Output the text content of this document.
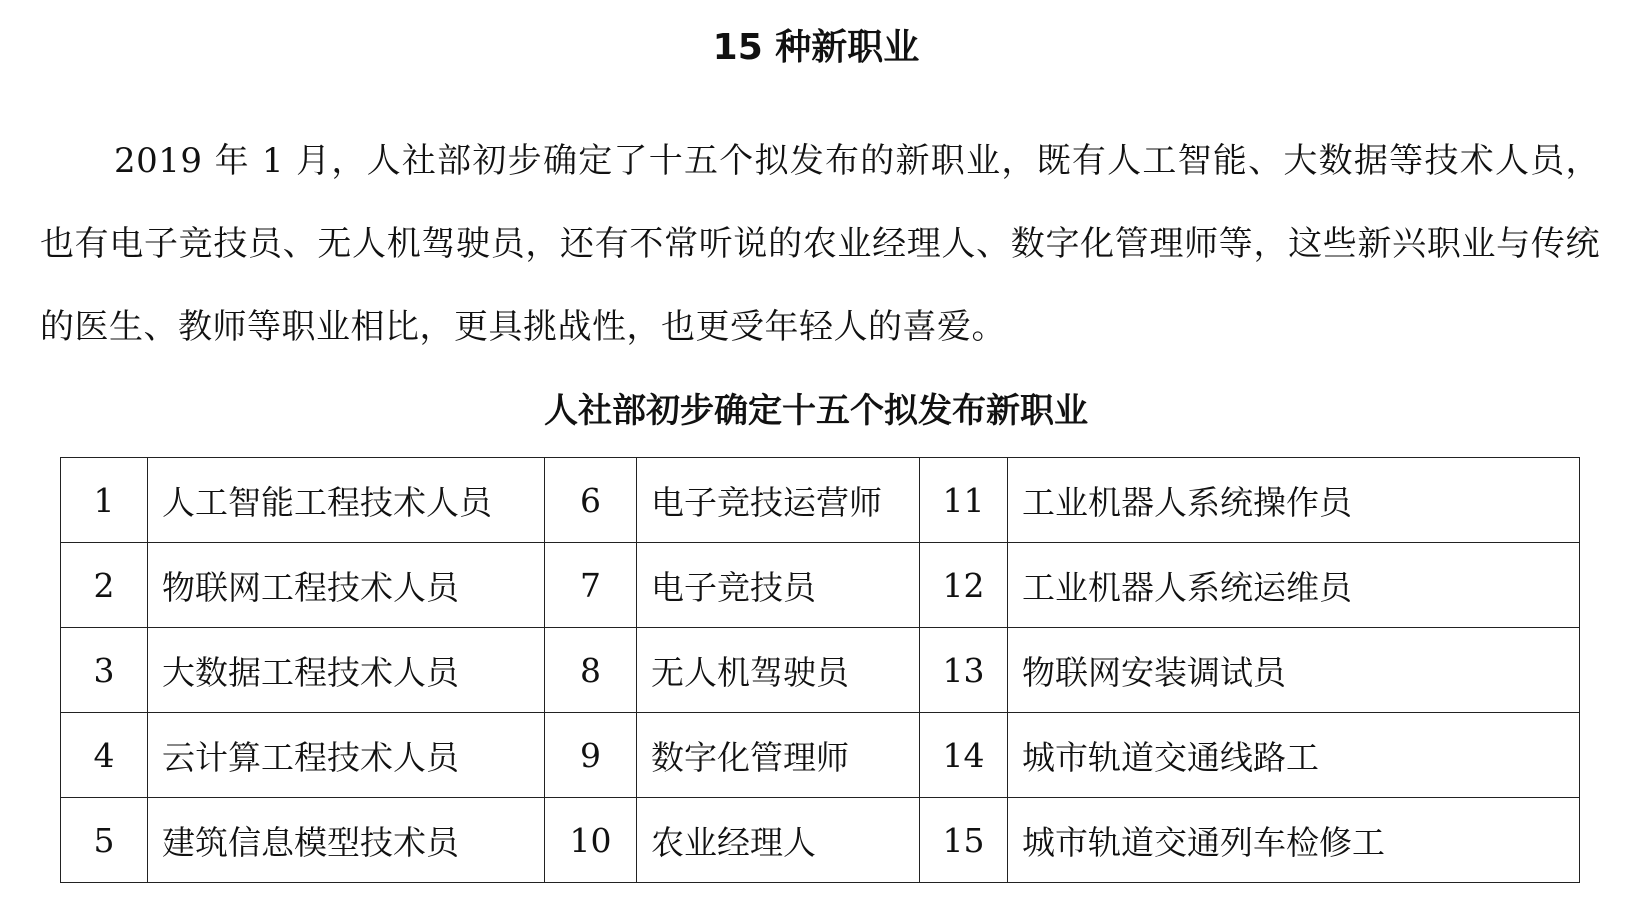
15 种新职业

2019 年 1 月，人社部初步确定了十五个拟发布的新职业，既有人工智能、大数据等技术人员，也有电子竞技员、无人机驾驶员，还有不常听说的农业经理人、数字化管理师等，这些新兴职业与传统的医生、教师等职业相比，更具挑战性，也更受年轻人的喜爱。

人社部初步确定十五个拟发布新职业
1	人工智能工程技术人员	6	电子竞技运营师	11	工业机器人系统操作员
2	物联网工程技术人员	7	电子竞技员	12	工业机器人系统运维员
3	大数据工程技术人员	8	无人机驾驶员	13	物联网安装调试员
4	云计算工程技术人员	9	数字化管理师	14	城市轨道交通线路工
5	建筑信息模型技术员	10	农业经理人	15	城市轨道交通列车检修工
